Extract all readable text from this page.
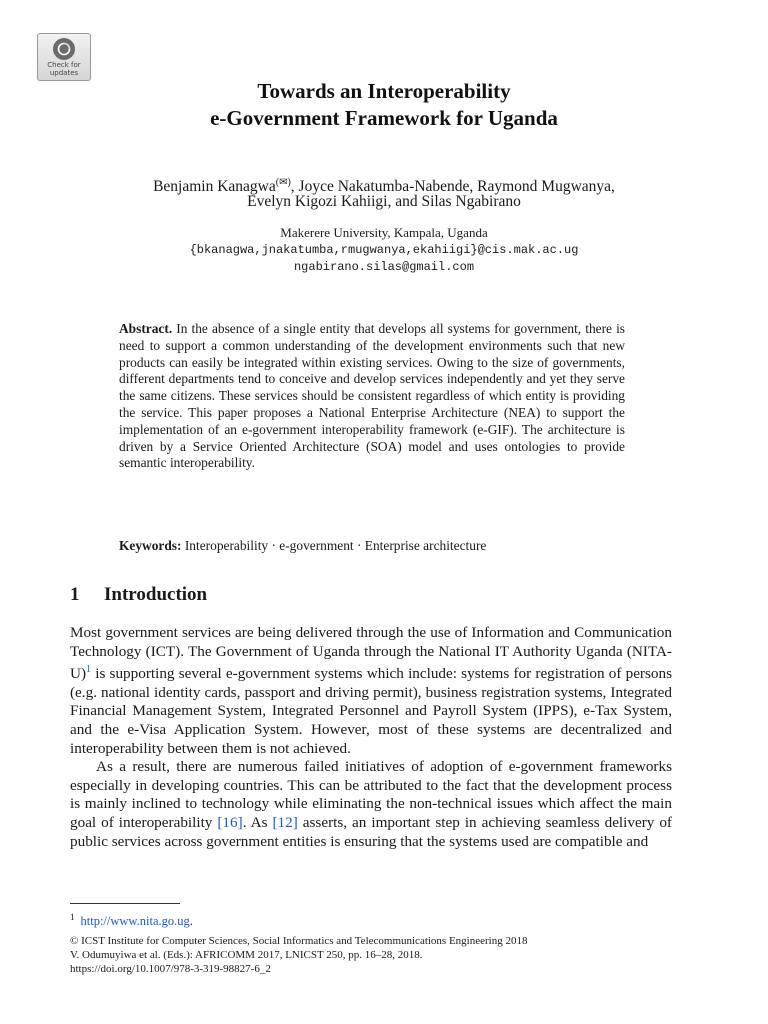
Check for
updates
Towards an Interoperability
e-Government Framework for Uganda
Benjamin Kanagwa(✉), Joyce Nakatumba-Nabende, Raymond Mugwanya,
Evelyn Kigozi Kahiigi, and Silas Ngabirano
Makerere University, Kampala, Uganda
{bkanagwa,jnakatumba,rmugwanya,ekahiigi}@cis.mak.ac.ug
ngabirano.silas@gmail.com
Abstract. In the absence of a single entity that develops all systems for government, there is need to support a common understanding of the development environments such that new products can easily be integrated within existing services. Owing to the size of governments, different departments tend to conceive and develop services independently and yet they serve the same citizens. These services should be consistent regardless of which entity is providing the service. This paper proposes a National Enterprise Architecture (NEA) to support the implementation of an e-government interoperability framework (e-GIF). The architecture is driven by a Service Oriented Architecture (SOA) model and uses ontologies to provide semantic interoperability.
Keywords: Interoperability · e-government · Enterprise architecture
1 Introduction

Most government services are being delivered through the use of Information and Communication Technology (ICT). The Government of Uganda through the National IT Authority Uganda (NITA-U)$^1$ is supporting several e-government systems which include: systems for registration of persons (e.g. national identity cards, passport and driving permit), business registration systems, Integrated Financial Management System, Integrated Personnel and Payroll System (IPPS), e-Tax System, and the e-Visa Application System. However, most of these systems are decentralized and interoperability between them is not achieved.

As a result, there are numerous failed initiatives of adoption of e-government frameworks especially in developing countries. This can be attributed to the fact that the development process is mainly inclined to technology while eliminating the non-technical issues which affect the main goal of interoperability [16]. As [12] asserts, an important step in achieving seamless delivery of public services across government entities is ensuring that the systems used are compatible and

$^1$ http://www.nita.go.ug.
© ICST Institute for Computer Sciences, Social Informatics and Telecommunications Engineering 2018
V. Odumuyiwa et al. (Eds.): AFRICOMM 2017, LNICST 250, pp. 16–28, 2018.
https://doi.org/10.1007/978-3-319-98827-6_2
